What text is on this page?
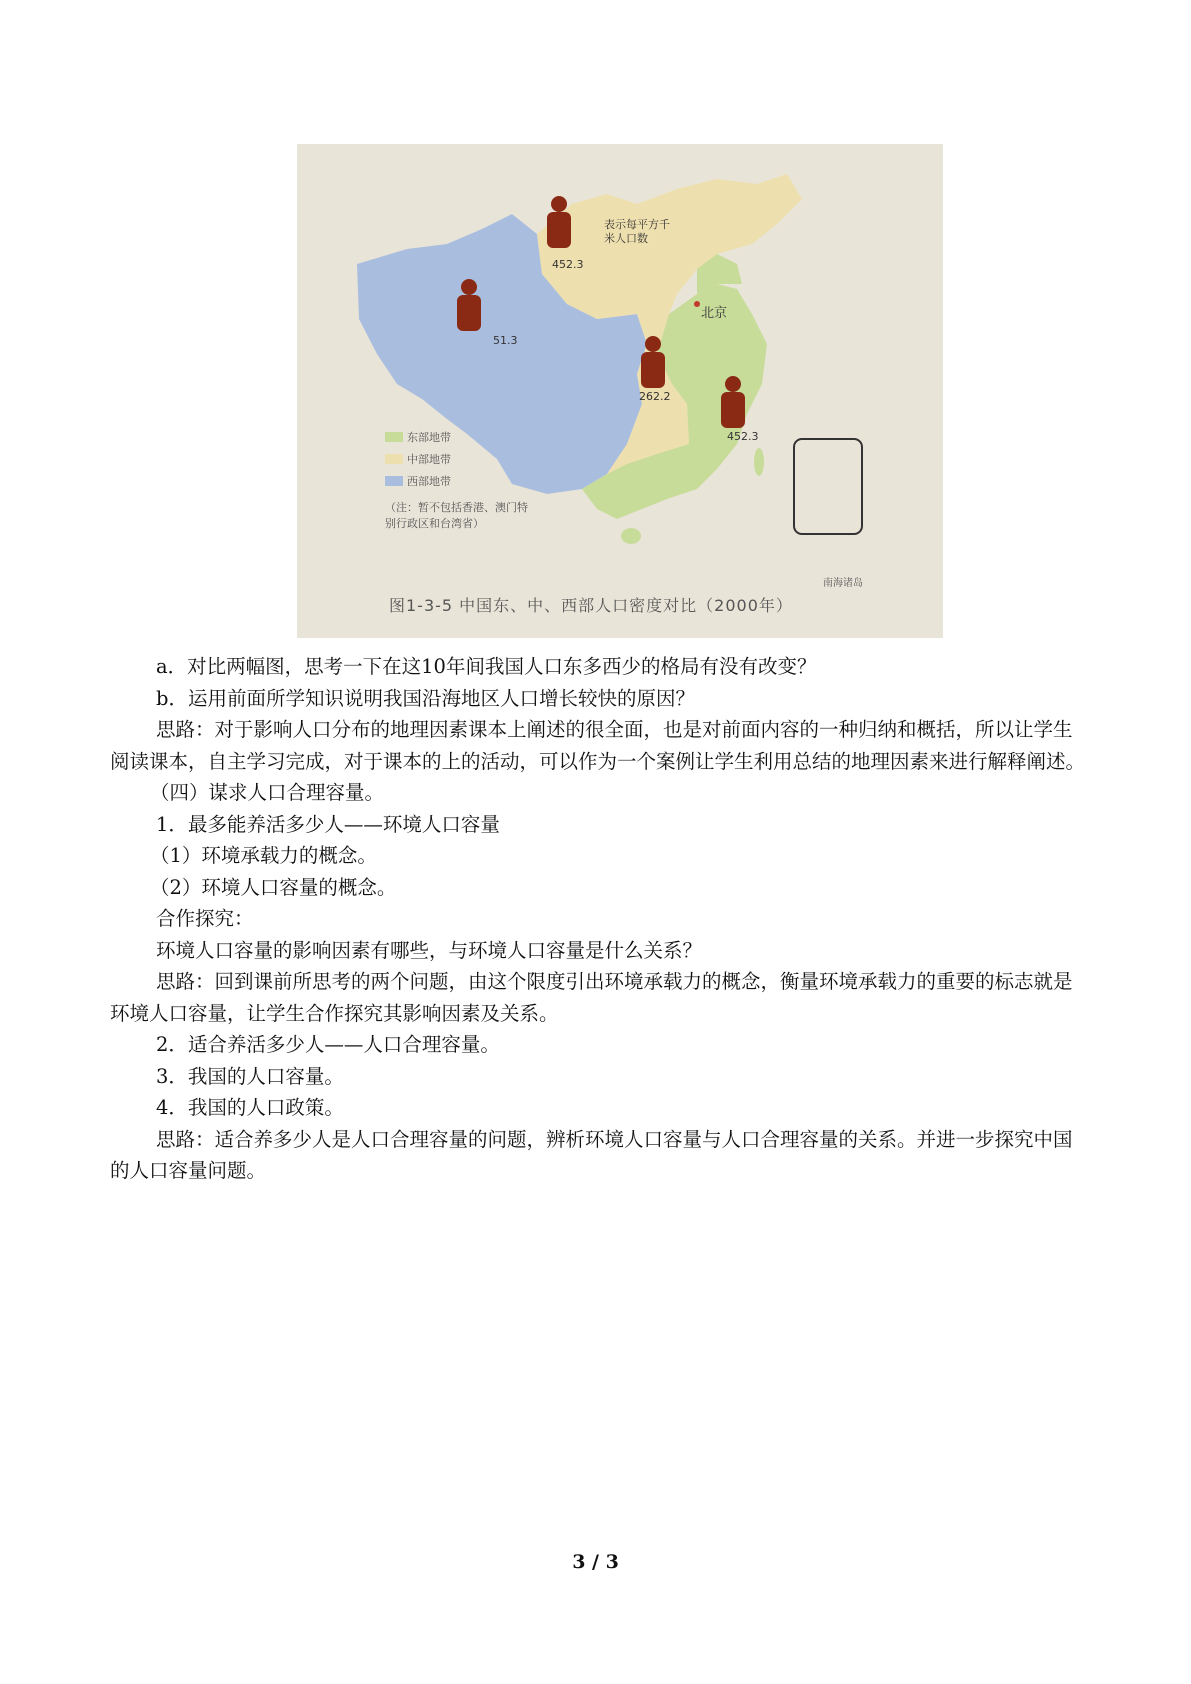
表示每平方千米人口数
北京
452.3
51.3
262.2
452.3
东部地带
中部地带
西部地带
（注：暂不包括香港、澳门特别行政区和台湾省）
南海诸岛
图1-3-5 中国东、中、西部人口密度对比（2000年）

a．对比两幅图，思考一下在这10年间我国人口东多西少的格局有没有改变？

b．运用前面所学知识说明我国沿海地区人口增长较快的原因？

思路：对于影响人口分布的地理因素课本上阐述的很全面，也是对前面内容的一种归纳和概括，所以让学生阅读课本，自主学习完成，对于课本的上的活动，可以作为一个案例让学生利用总结的地理因素来进行解释阐述。

（四）谋求人口合理容量。

1．最多能养活多少人——环境人口容量

（1）环境承载力的概念。

（2）环境人口容量的概念。

合作探究：

环境人口容量的影响因素有哪些，与环境人口容量是什么关系？

思路：回到课前所思考的两个问题，由这个限度引出环境承载力的概念，衡量环境承载力的重要的标志就是环境人口容量，让学生合作探究其影响因素及关系。

2．适合养活多少人——人口合理容量。

3．我国的人口容量。

4．我国的人口政策。

思路：适合养多少人是人口合理容量的问题，辨析环境人口容量与人口合理容量的关系。并进一步探究中国的人口容量问题。

3 / 3
